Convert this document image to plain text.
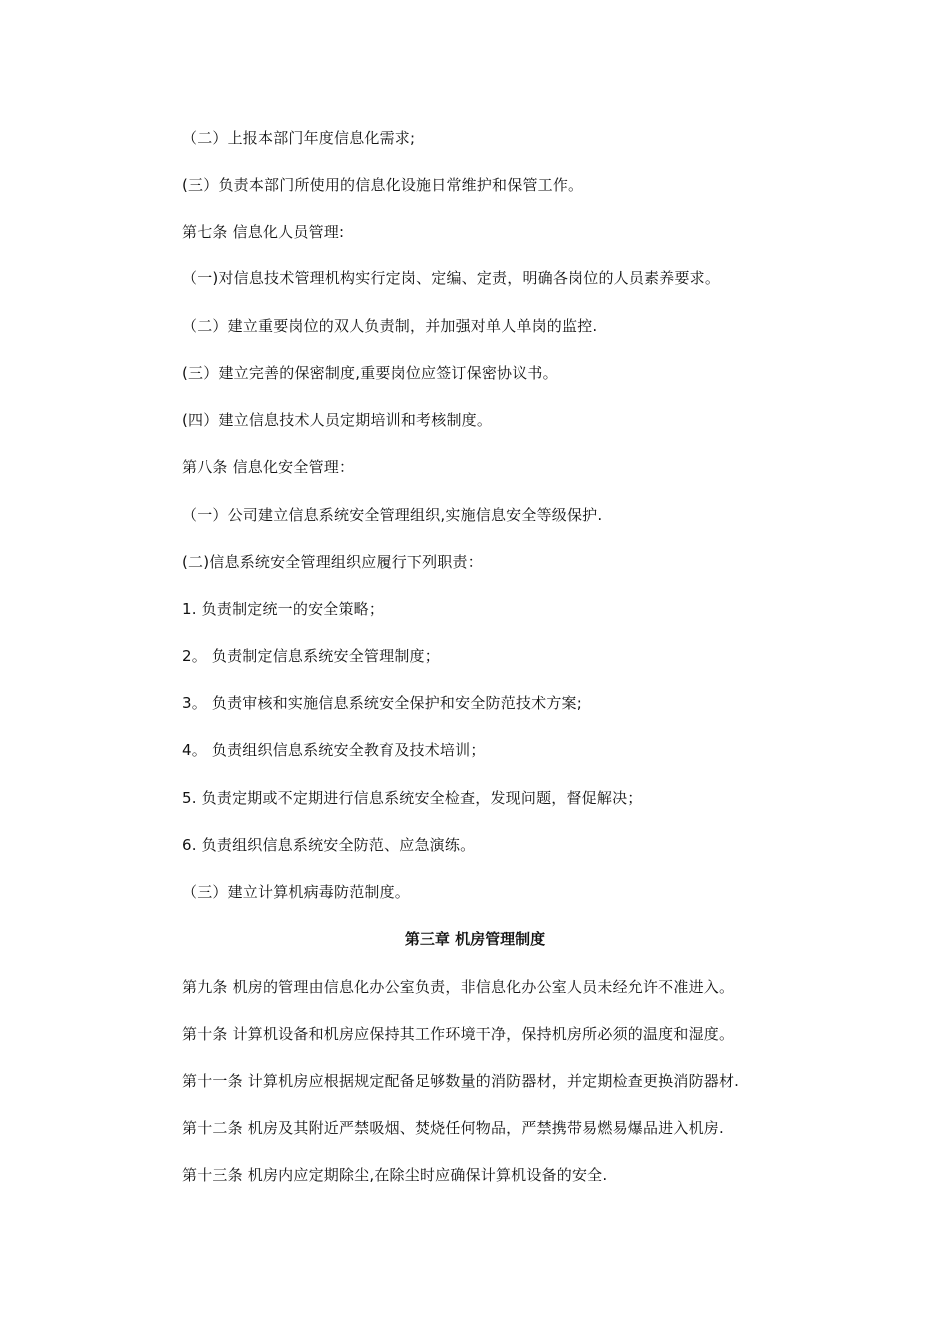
（二）上报本部门年度信息化需求;
(三）负责本部门所使用的信息化设施日常维护和保管工作。
第七条 信息化人员管理:
（一)对信息技术管理机构实行定岗、定编、定责，明确各岗位的人员素养要求。
（二）建立重要岗位的双人负责制，并加强对单人单岗的监控.
(三）建立完善的保密制度,重要岗位应签订保密协议书。
(四）建立信息技术人员定期培训和考核制度。
第八条 信息化安全管理：
（一）公司建立信息系统安全管理组织,实施信息安全等级保护.
(二)信息系统安全管理组织应履行下列职责：
1. 负责制定统一的安全策略；
2。 负责制定信息系统安全管理制度；
3。 负责审核和实施信息系统安全保护和安全防范技术方案;
4。 负责组织信息系统安全教育及技术培训；
5. 负责定期或不定期进行信息系统安全检查，发现问题，督促解决；
6. 负责组织信息系统安全防范、应急演练。
（三）建立计算机病毒防范制度。
第三章 机房管理制度
第九条 机房的管理由信息化办公室负责，非信息化办公室人员未经允许不准进入。
第十条 计算机设备和机房应保持其工作环境干净，保持机房所必须的温度和湿度。
第十一条 计算机房应根据规定配备足够数量的消防器材，并定期检查更换消防器材.
第十二条 机房及其附近严禁吸烟、焚烧任何物品，严禁携带易燃易爆品进入机房.
第十三条 机房内应定期除尘,在除尘时应确保计算机设备的安全.
